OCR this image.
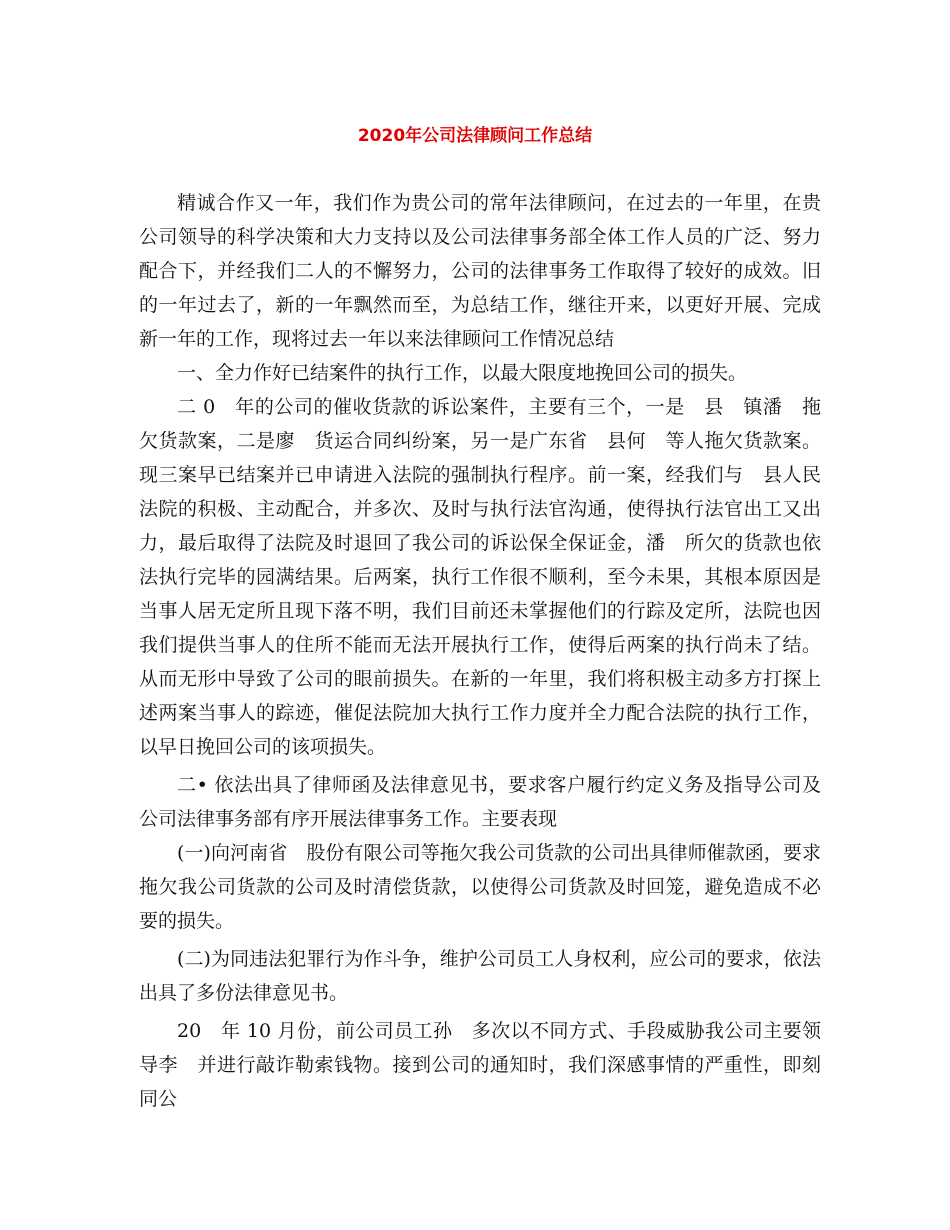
2020年公司法律顾问工作总结

精诚合作又一年，我们作为贵公司的常年法律顾问，在过去的一年里，在贵公司领导的科学决策和大力支持以及公司法律事务部全体工作人员的广泛、努力配合下，并经我们二人的不懈努力，公司的法律事务工作取得了较好的成效。旧的一年过去了，新的一年飘然而至，为总结工作，继往开来，以更好开展、完成新一年的工作，现将过去一年以来法律顾问工作情况总结

一、全力作好已结案件的执行工作，以最大限度地挽回公司的损失。

二 0　年的公司的催收货款的诉讼案件，主要有三个，一是　县　镇潘　拖欠货款案，二是廖　货运合同纠纷案，另一是广东省　县何　等人拖欠货款案。现三案早已结案并已申请进入法院的强制执行程序。前一案，经我们与　县人民法院的积极、主动配合，并多次、及时与执行法官沟通，使得执行法官出工又出力，最后取得了法院及时退回了我公司的诉讼保全保证金，潘　所欠的货款也依法执行完毕的园满结果。后两案，执行工作很不顺利，至今未果，其根本原因是当事人居无定所且现下落不明，我们目前还未掌握他们的行踪及定所，法院也因我们提供当事人的住所不能而无法开展执行工作，使得后两案的执行尚未了结。从而无形中导致了公司的眼前损失。在新的一年里，我们将积极主动多方打探上述两案当事人的踪迹，催促法院加大执行工作力度并全力配合法院的执行工作，以早日挽回公司的该项损失。

二• 依法出具了律师函及法律意见书，要求客户履行约定义务及指导公司及公司法律事务部有序开展法律事务工作。主要表现

(一)向河南省　股份有限公司等拖欠我公司货款的公司出具律师催款函，要求拖欠我公司货款的公司及时清偿货款，以使得公司货款及时回笼，避免造成不必要的损失。

(二)为同违法犯罪行为作斗争，维护公司员工人身权利，应公司的要求，依法出具了多份法律意见书。

20　年 10 月份，前公司员工孙　多次以不同方式、手段威胁我公司主要领导李　并进行敲诈勒索钱物。接到公司的通知时，我们深感事情的严重性，即刻同公
